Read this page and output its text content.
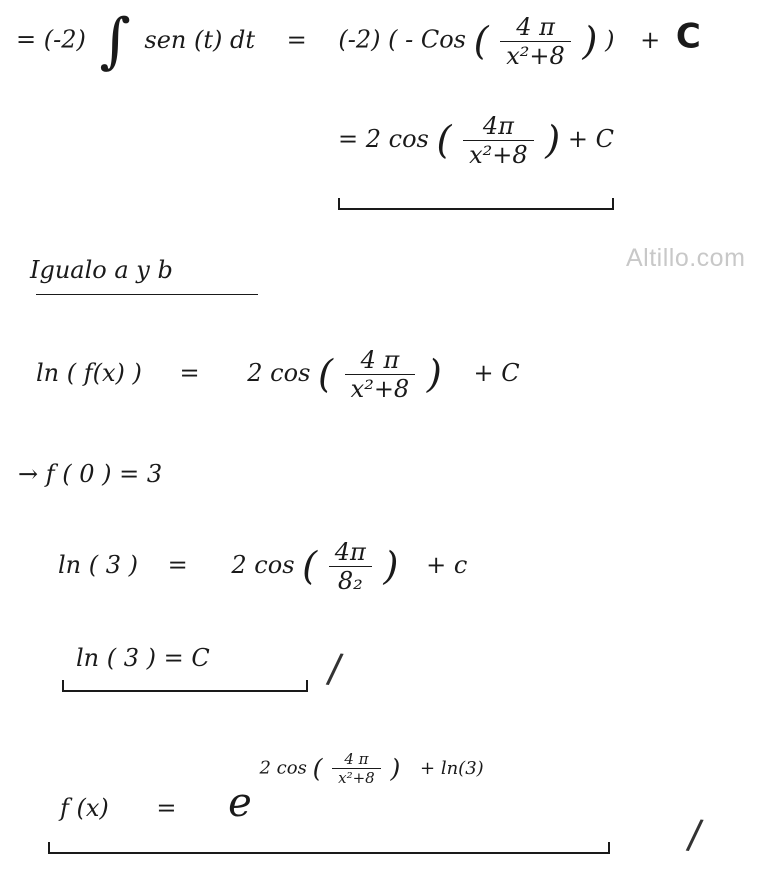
= (-2) ∫ sen (t) dt = (-2) ( - Cos ( $\frac{4 \pi}{\text{x²+8}}$ ) ) + C
= 2 cos ( $\frac{4\pi}{\text{x²+8}}$ ) + C
Altillo.com
Igualo a y b
ln ( f(x) ) = 2 cos ( $\frac{4 \pi}{\text{x²+8}}$ ) + C
→ f ( 0 ) = 3
ln ( 3 ) = 2 cos ( $\frac{4\pi}{\text{8₂}}$ ) + c
ln ( 3 ) = C	/
f (x) = e 2 cos ( $\frac{4 \pi}{\text{x²+8}}$ ) + ln(3)
/
